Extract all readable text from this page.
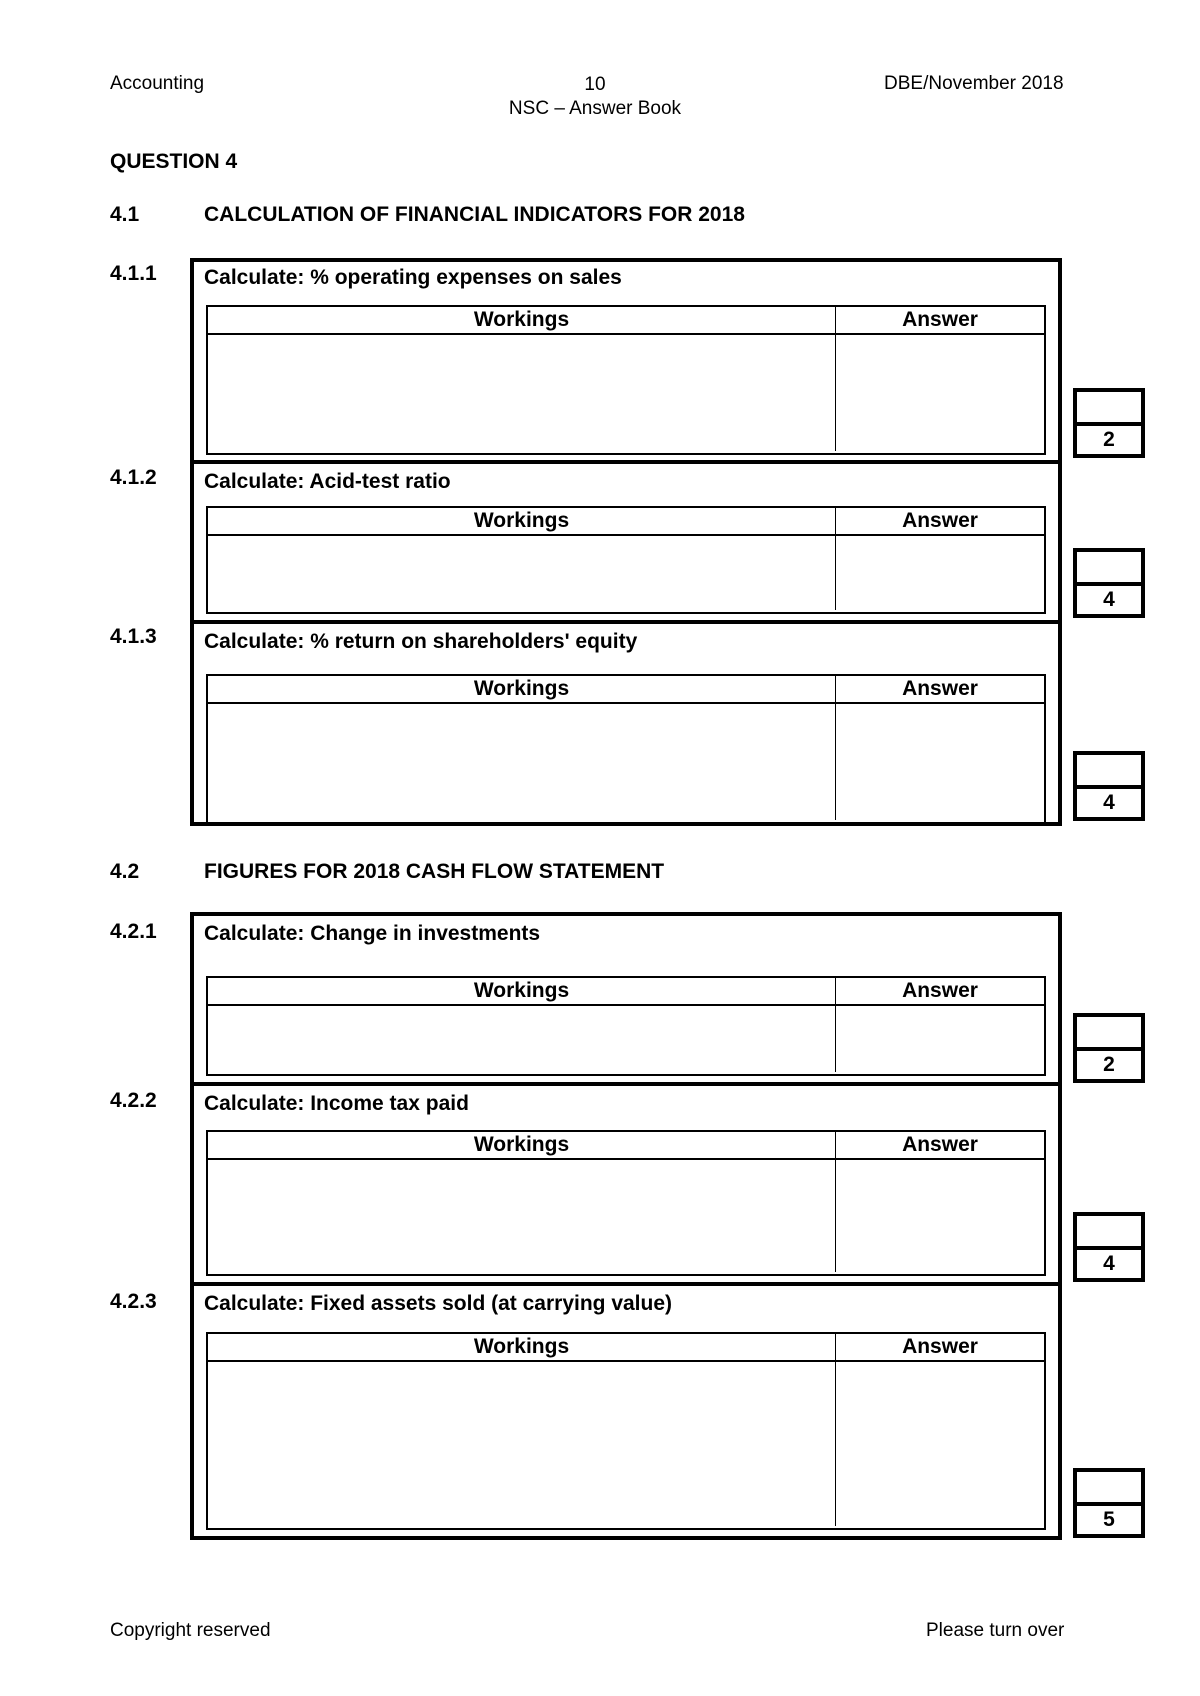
Accounting	10
NSC – Answer Book
DBE/November 2018
QUESTION 4
4.1	CALCULATION OF FINANCIAL INDICATORS FOR 2018
4.1.1 Calculate: % operating expenses on sales
Workings	Answer
2
4.1.2 Calculate: Acid-test ratio
Workings	Answer
4
4.1.3 Calculate: % return on shareholders' equity
Workings	Answer
4
4.2	FIGURES FOR 2018 CASH FLOW STATEMENT
4.2.1 Calculate: Change in investments
Workings	Answer
2
4.2.2 Calculate: Income tax paid
Workings	Answer
4
4.2.3 Calculate: Fixed assets sold (at carrying value)
Workings	Answer
5
Copyright reserved	Please turn over
